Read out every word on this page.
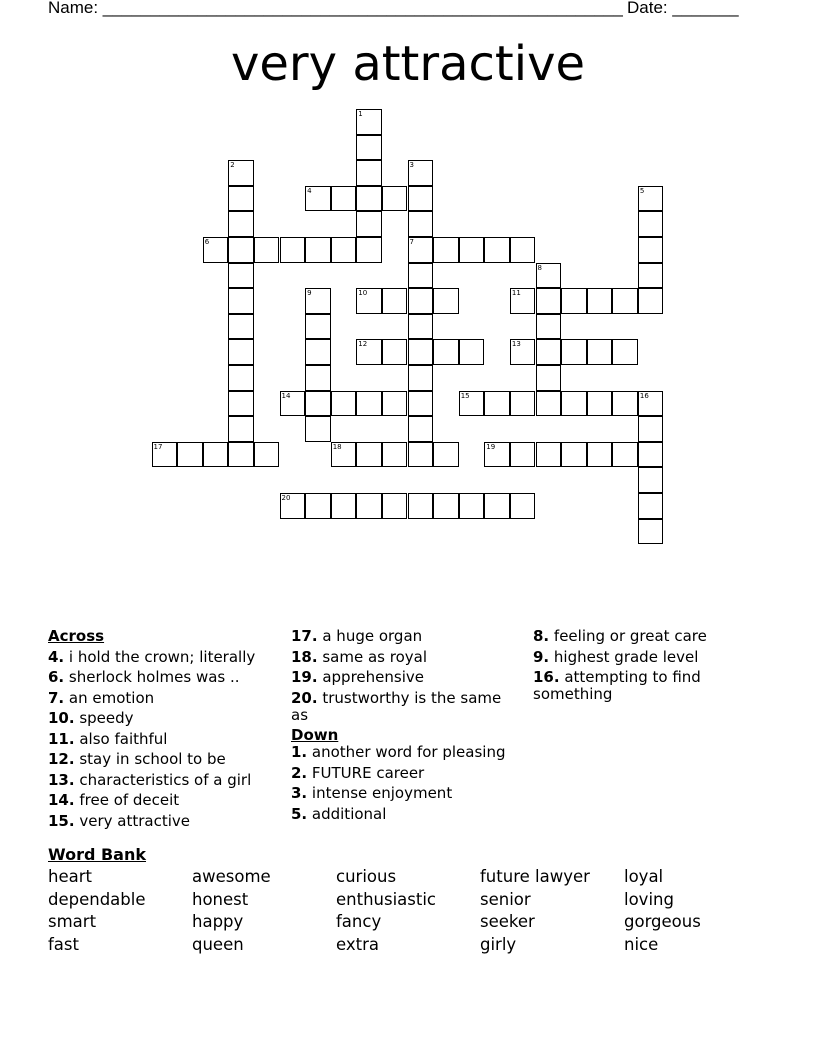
Name: _______________________________________________________ Date: _______
very attractive
1
2	3
7
4	5
6
8
9	10	11
12	13
14	15	16
17	18	19
20
Across
4. i hold the crown; literally
6. sherlock holmes was ..
7. an emotion
10. speedy
11. also faithful
12. stay in school to be
13. characteristics of a girl
14. free of deceit
15. very attractive
17. a huge organ
18. same as royal
19. apprehensive
20. trustworthy is the same as
Down
1. another word for pleasing
2. FUTURE career
3. intense enjoyment
5. additional
8. feeling or great care
9. highest grade level
16. attempting to find something
Word Bank
heart	awesome	curious	future lawyer	loyal
dependable	honest	enthusiastic	senior	loving
smart	happy	fancy	seeker	gorgeous
fast	queen	extra	girly	nice
